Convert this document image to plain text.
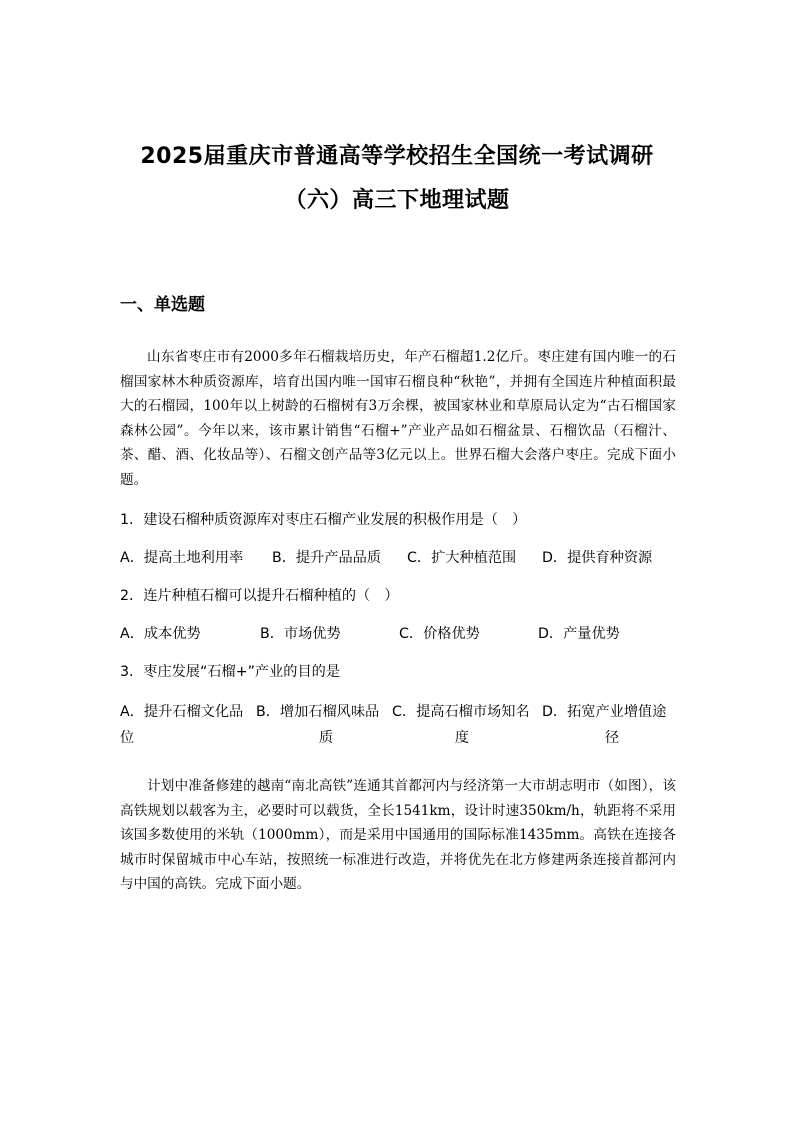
2025届重庆市普通高等学校招生全国统一考试调研
（六）高三下地理试题
一、单选题

山东省枣庄市有2000多年石榴栽培历史，年产石榴超1.2亿斤。枣庄建有国内唯一的石榴国家林木种质资源库，培育出国内唯一国审石榴良种“秋艳”，并拥有全国连片种植面积最大的石榴园，100年以上树龄的石榴树有3万余棵，被国家林业和草原局认定为“古石榴国家森林公园”。今年以来，该市累计销售“石榴+”产业产品如石榴盆景、石榴饮品（石榴汁、茶、醋、酒、化妆品等）、石榴文创产品等3亿元以上。世界石榴大会落户枣庄。完成下面小题。

1．建设石榴种质资源库对枣庄石榴产业发展的积极作用是（　）
A．提高土地利用率 B．提升产品品质 C．扩大种植范围 D．提供育种资源
2．连片种植石榴可以提升石榴种植的（　）
A．成本优势	B．市场优势	C．价格优势	D．产量优势
3．枣庄发展“石榴+”产业的目的是
A．提升石榴文化品
位
B．增加石榴风味品
质
C．提高石榴市场知名
度
D．拓宽产业增值途
径

计划中准备修建的越南“南北高铁”连通其首都河内与经济第一大市胡志明市（如图），该高铁规划以载客为主，必要时可以载货，全长1541km，设计时速350km/h，轨距将不采用该国多数使用的米轨（1000mm），而是采用中国通用的国际标准1435mm。高铁在连接各城市时保留城市中心车站，按照统一标准进行改造，并将优先在北方修建两条连接首都河内与中国的高铁。完成下面小题。
